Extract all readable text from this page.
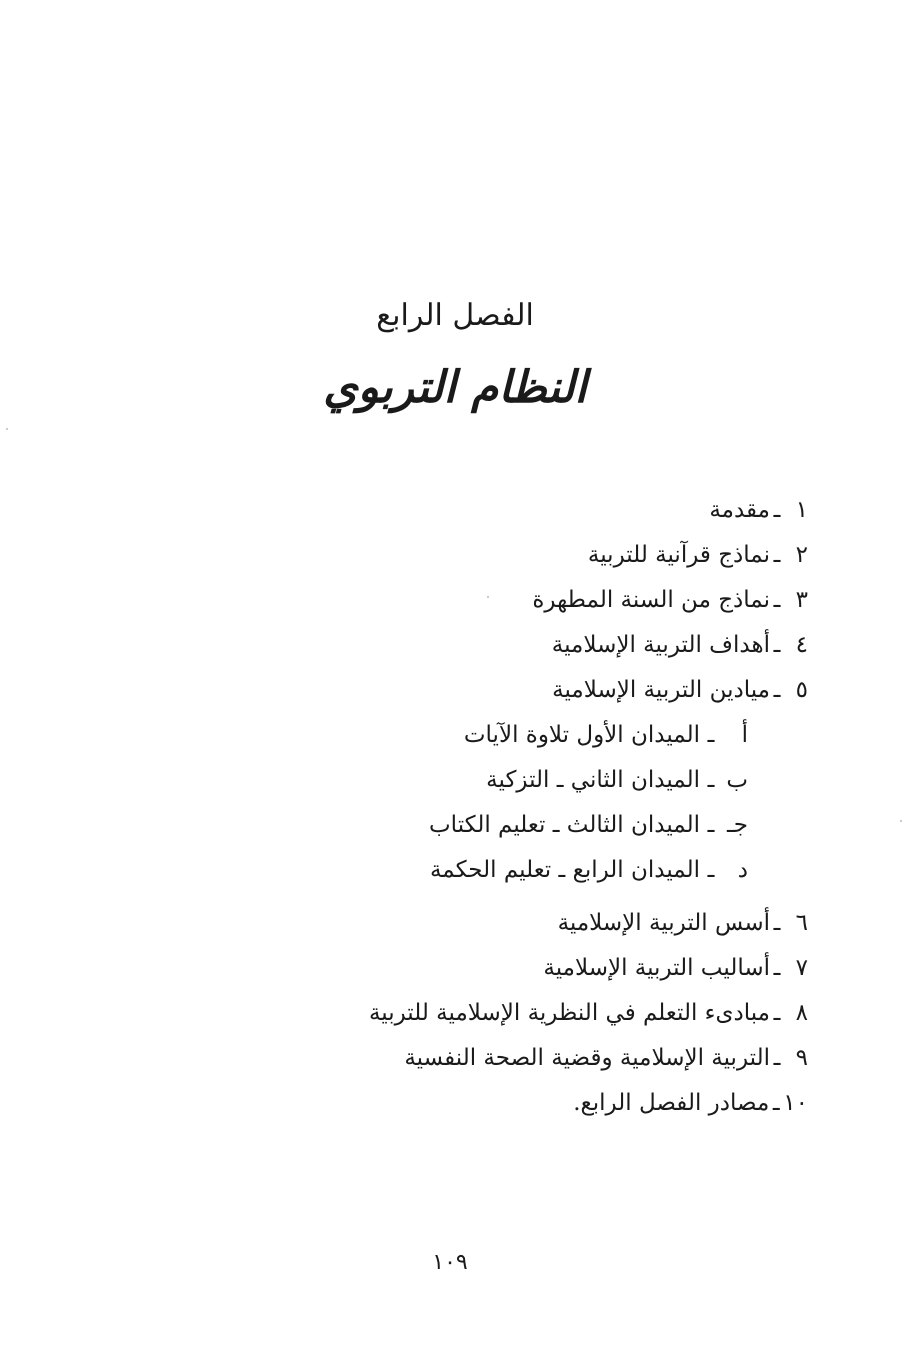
الفصل الرابع
النظام التربوي
١
ـ
مقدمة
٢
ـ
نماذج قرآنية للتربية
٣
ـ
نماذج من السنة المطهرة
٤
ـ
أهداف التربية الإسلامية
٥
ـ
ميادين التربية الإسلامية
أ
ـ
الميدان الأول تلاوة الآيات
ب
ـ
الميدان الثاني ـ التزكية
جـ
ـ
الميدان الثالث ـ تعليم الكتاب
د
ـ
الميدان الرابع ـ تعليم الحكمة
٦
ـ
أسس التربية الإسلامية
٧
ـ
أساليب التربية الإسلامية
٨
ـ
مبادىء التعلم في النظرية الإسلامية للتربية
٩
ـ
التربية الإسلامية وقضية الصحة النفسية
١٠
ـ
مصادر الفصل الرابع.
١٠٩
